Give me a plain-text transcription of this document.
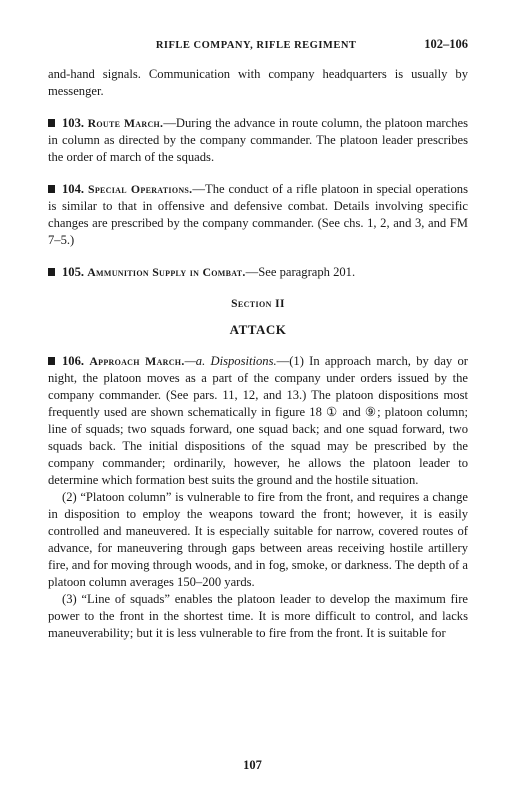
RIFLE COMPANY, RIFLE REGIMENT	102–106

and-hand signals. Communication with company headquarters is usually by messenger.

103. Route March.—During the advance in route column, the platoon marches in column as directed by the company commander. The platoon leader prescribes the order of march of the squads.

104. Special Operations.—The conduct of a rifle platoon in special operations is similar to that in offensive and defensive combat. Details involving specific changes are prescribed by the company commander. (See chs. 1, 2, and 3, and FM 7–5.)

105. Ammunition Supply in Combat.—See paragraph 201.

Section II

ATTACK

106. Approach March.—a. Dispositions.—(1) In approach march, by day or night, the platoon moves as a part of the company under orders issued by the company commander. (See pars. 11, 12, and 13.) The platoon dispositions most frequently used are shown schematically in figure 18 ① and ⑨; platoon column; line of squads; two squads forward, one squad back; and one squad forward, two squads back. The initial dispositions of the squad may be prescribed by the company commander; ordinarily, however, he allows the platoon leader to determine which formation best suits the ground and the hostile situation.

(2) “Platoon column” is vulnerable to fire from the front, and requires a change in disposition to employ the weapons toward the front; however, it is easily controlled and maneuvered. It is especially suitable for narrow, covered routes of advance, for maneuvering through gaps between areas receiving hostile artillery fire, and for moving through woods, and in fog, smoke, or darkness. The depth of a platoon column averages 150–200 yards.

(3) “Line of squads” enables the platoon leader to develop the maximum fire power to the front in the shortest time. It is more difficult to control, and lacks maneuverability; but it is less vulnerable to fire from the front. It is suitable for

107
